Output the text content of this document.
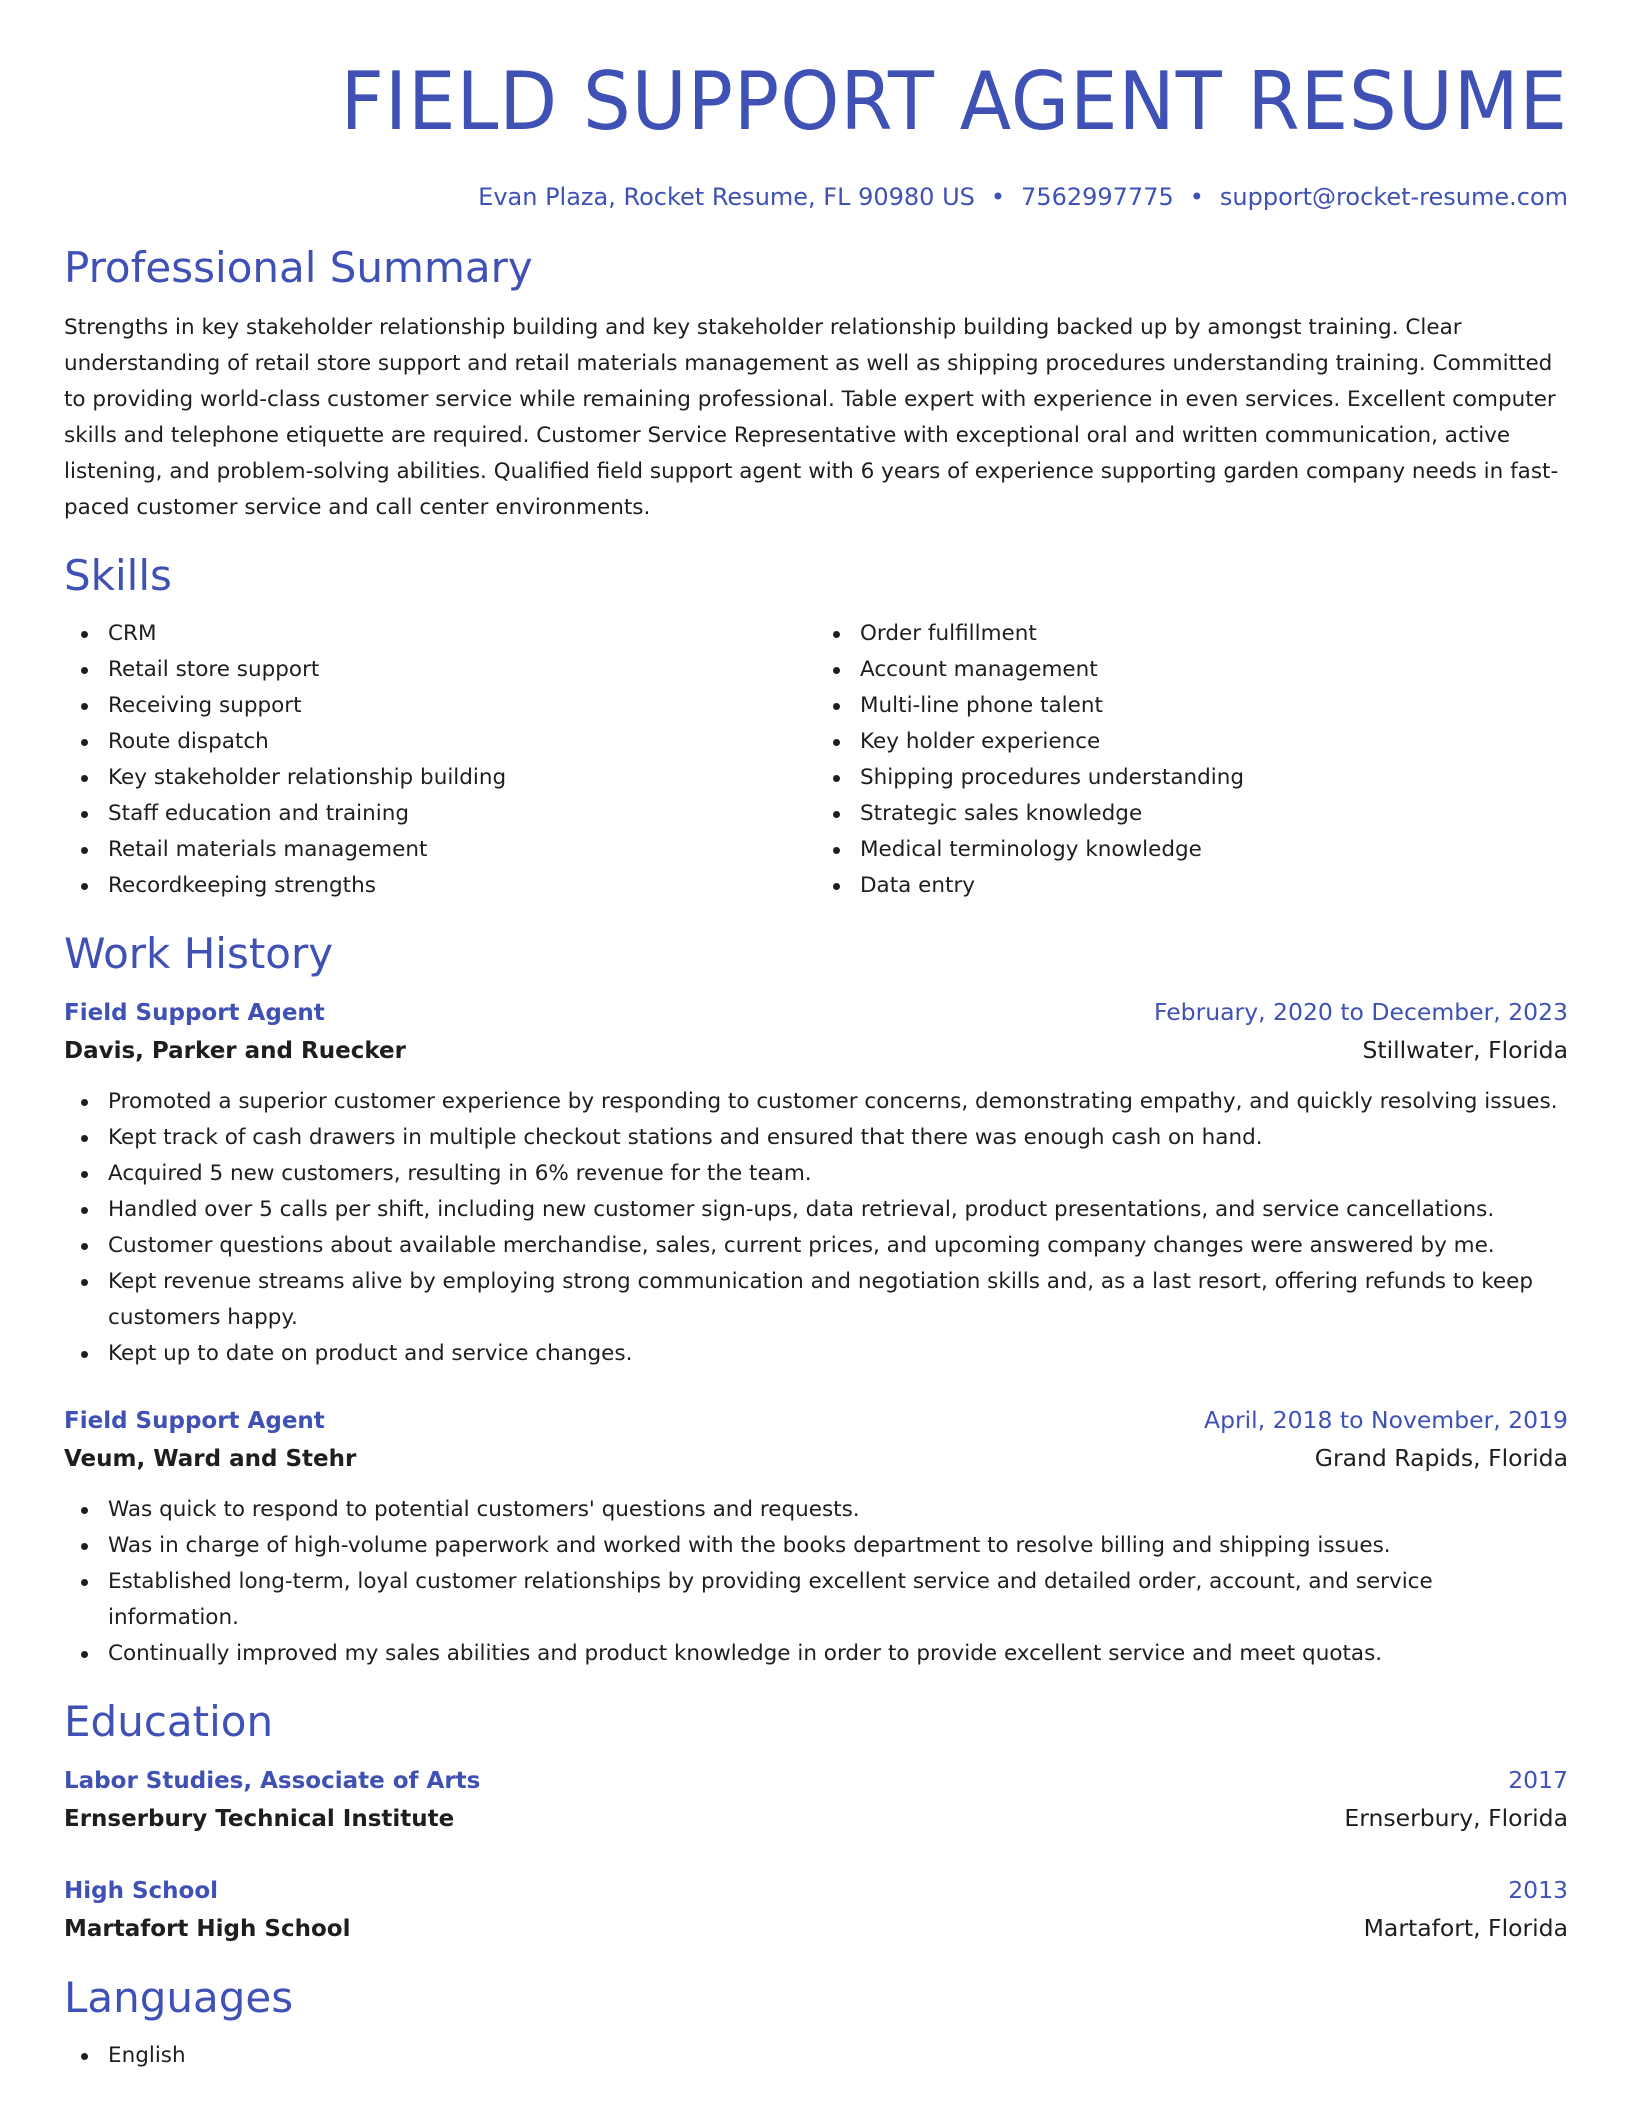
FIELD SUPPORT AGENT RESUME
Evan Plaza, Rocket Resume, FL 90980 US • 7562997775 • support@rocket-resume.com
Professional Summary

Strengths in key stakeholder relationship building and key stakeholder relationship building backed up by amongst training. Clear understanding of retail store support and retail materials management as well as shipping procedures understanding training. Committed to providing world-class customer service while remaining professional. Table expert with experience in even services. Excellent computer skills and telephone etiquette are required. Customer Service Representative with exceptional oral and written communication, active listening, and problem-solving abilities. Qualified field support agent with 6 years of experience supporting garden company needs in fast-paced customer service and call center environments.

Skills
CRM
Retail store support
Receiving support
Route dispatch
Key stakeholder relationship building
Staff education and training
Retail materials management
Recordkeeping strengths
Order fulfillment
Account management
Multi-line phone talent
Key holder experience
Shipping procedures understanding
Strategic sales knowledge
Medical terminology knowledge
Data entry
Work History
Field Support Agent	February, 2020 to December, 2023
Davis, Parker and Ruecker	Stillwater, Florida
Promoted a superior customer experience by responding to customer concerns, demonstrating empathy, and quickly resolving issues.
Kept track of cash drawers in multiple checkout stations and ensured that there was enough cash on hand.
Acquired 5 new customers, resulting in 6% revenue for the team.
Handled over 5 calls per shift, including new customer sign-ups, data retrieval, product presentations, and service cancellations.
Customer questions about available merchandise, sales, current prices, and upcoming company changes were answered by me.
Kept revenue streams alive by employing strong communication and negotiation skills and, as a last resort, offering refunds to keep customers happy.
Kept up to date on product and service changes.
Field Support Agent	April, 2018 to November, 2019
Veum, Ward and Stehr	Grand Rapids, Florida
Was quick to respond to potential customers' questions and requests.
Was in charge of high-volume paperwork and worked with the books department to resolve billing and shipping issues.
Established long-term, loyal customer relationships by providing excellent service and detailed order, account, and service information.
Continually improved my sales abilities and product knowledge in order to provide excellent service and meet quotas.
Education
Labor Studies, Associate of Arts	2017
Ernserbury Technical Institute	Ernserbury, Florida
High School	2013
Martafort High School	Martafort, Florida
Languages
English
